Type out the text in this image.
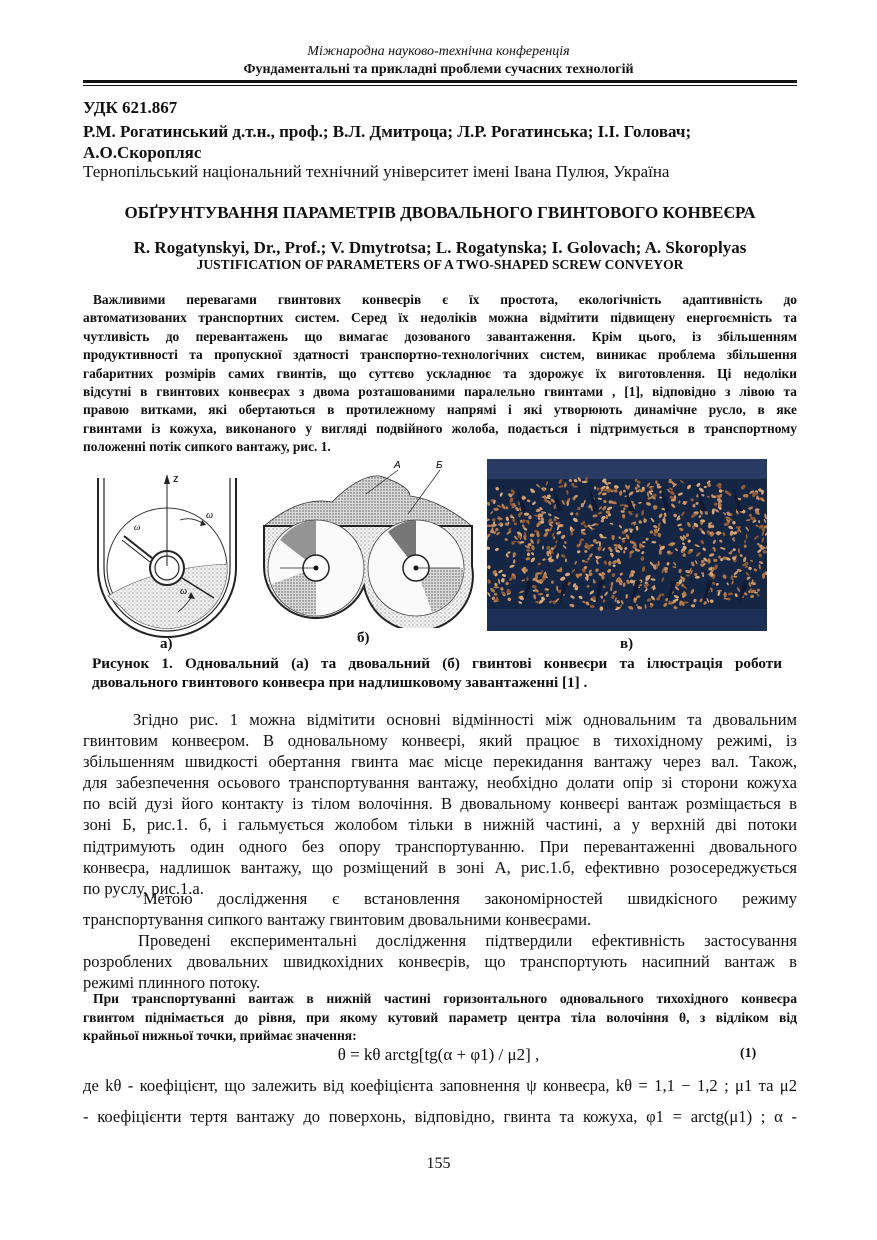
Міжнародна науково-технічна конференція
Фундаментальні та прикладні проблеми сучасних технологій
УДК 621.867
Р.М. Рогатинський д.т.н., проф.; В.Л. Дмитроца; Л.Р. Рогатинська; І.І. Головач;
А.О.Скоропляс
Тернопільський національний технічний університет імені Івана Пулюя, Україна
ОБҐРУНТУВАННЯ ПАРАМЕТРІВ ДВОВАЛЬНОГО ГВИНТОВОГО КОНВЕЄРА
R. Rogatynskyi, Dr., Prof.; V. Dmytrotsa; L. Rogatynska; I. Golovach; A. Skoroplyas
JUSTIFICATION OF PARAMETERS OF A TWO-SHAPED SCREW CONVEYOR
Важливими перевагами гвинтових конвеєрів є їх простота, екологічність адаптивність до
автоматизованих транспортних систем. Серед їх недоліків можна відмітити підвищену енергоємність та
чутливість до перевантажень що вимагає дозованого завантаження. Крім цього, із збільшенням
продуктивності та пропускної здатності транспортно-технологічних систем, виникає проблема збільшення
габаритних розмірів самих гвинтів, що суттєво ускладнює та здорожує їх виготовлення. Ці недоліки
відсутні в гвинтових конвеєрах з двома розташованими паралельно гвинтами , [1], відповідно з лівою та
правою витками, які обертаються в протилежному напрямі і які утворюють динамічне русло, в яке
гвинтами із кожуха, виконаного у вигляді подвійного жолоба, подається і підтримується в транспортному
положенні потік сипкого вантажу, рис. 1.
z
ω
ω
ω
А	Б
а)	б)	в)
Рисунок 1. Одновальний (а) та двовальний (б) гвинтові конвеєри та ілюстрація роботи
двовального гвинтового конвеєра при надлишковому завантаженні [1] .
Згідно рис. 1 можна відмітити основні відмінності між одновальним та двовальним
гвинтовим конвеєром. В одновальному конвеєрі, який працює в тихохідному режимі, із
збільшенням швидкості обертання гвинта має місце перекидання вантажу через вал. Також,
для забезпечення осьового транспортування вантажу, необхідно долати опір зі сторони кожуха
по всій дузі його контакту із тілом волочіння. В двовальному конвеєрі вантаж розміщається в
зоні Б, рис.1. б, і гальмується жолобом тільки в нижній частині, а у верхній дві потоки
підтримують один одного без опору транспортуванню. При перевантаженні двовального
конвеєра, надлишок вантажу, що розміщений в зоні А, рис.1.б, ефективно розосереджується
по руслу, рис.1.а.
Метою дослідження є встановлення закономірностей швидкісного режиму
транспортування сипкого вантажу гвинтовим двовальними конвеєрами.
Проведені експериментальні дослідження підтвердили ефективність застосування
розроблених двовальних швидкохідних конвеєрів, що транспортують насипний вантаж в
режимі плинного потоку.
При транспортуванні вантаж в нижній частині горизонтального одновального тихохідного конвеєра
гвинтом піднімається до рівня, при якому кутовий параметр центра тіла волочіння θ, з відліком від
крайньої нижньої точки, приймає значення:
θ = kθ arctg[tg(α + φ1) / μ2] ,	(1)
де kθ - коефіцієнт, що залежить від коефіцієнта заповнення ψ конвеєра, kθ = 1,1 − 1,2 ; μ1 та μ2
- коефіцієнти тертя вантажу до поверхонь, відповідно, гвинта та кожуха, φ1 = arctg(μ1) ; α -
155
